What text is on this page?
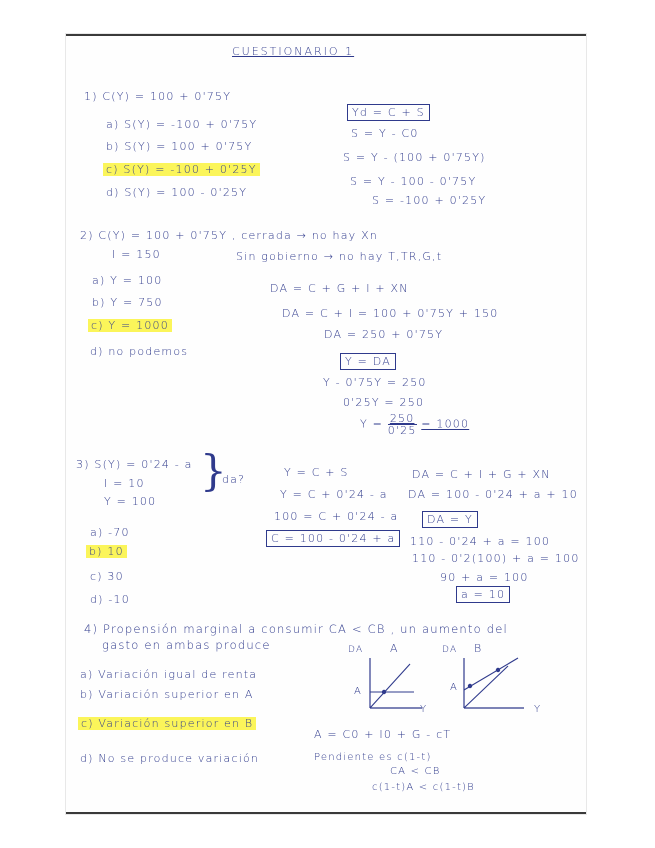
CUESTIONARIO 1
1) C(Y) = 100 + 0'75Y
a) S(Y) = -100 + 0'75Y
b) S(Y) = 100 + 0'75Y
c) S(Y) = -100 + 0'25Y
d) S(Y) = 100 - 0'25Y
Yd = C + S
S = Y - C0
S = Y - (100 + 0'75Y)
S = Y - 100 - 0'75Y
S = -100 + 0'25Y
2) C(Y) = 100 + 0'75Y , cerrada → no hay Xn
I = 150	Sin gobierno → no hay T,TR,G,t
a) Y = 100
b) Y = 750
c) Y = 1000
d) no podemos
DA = C + G + I + XN
DA = C + I = 100 + 0'75Y + 150
DA = 250 + 0'75Y
Y = DA
Y - 0'75Y = 250
0'25Y = 250
$Y = \frac{250}{0'25} = 1000$
3) S(Y) = 0'24 - a
I = 10
Y = 100
}
da?
a) -70
b) 10
c) 30
d) -10
Y = C + S
Y = C + 0'24 - a
100 = C + 0'24 - a
C = 100 - 0'24 + a
DA = C + I + G + XN
DA = 100 - 0'24 + a + 10
DA = Y
110 - 0'24 + a = 100
110 - 0'2(100) + a = 100
90 + a = 100
a = 10
4) Propensión marginal a consumir CA < CB , un aumento del
gasto en ambas produce
a) Variación igual de renta
b) Variación superior en A
c) Variación superior en B
d) No se produce variación
DA A
A
Y
DA B
A
Y
A = C0 + I0 + G - cT
Pendiente es c(1-t)
CA < CB
c(1-t)A < c(1-t)B
